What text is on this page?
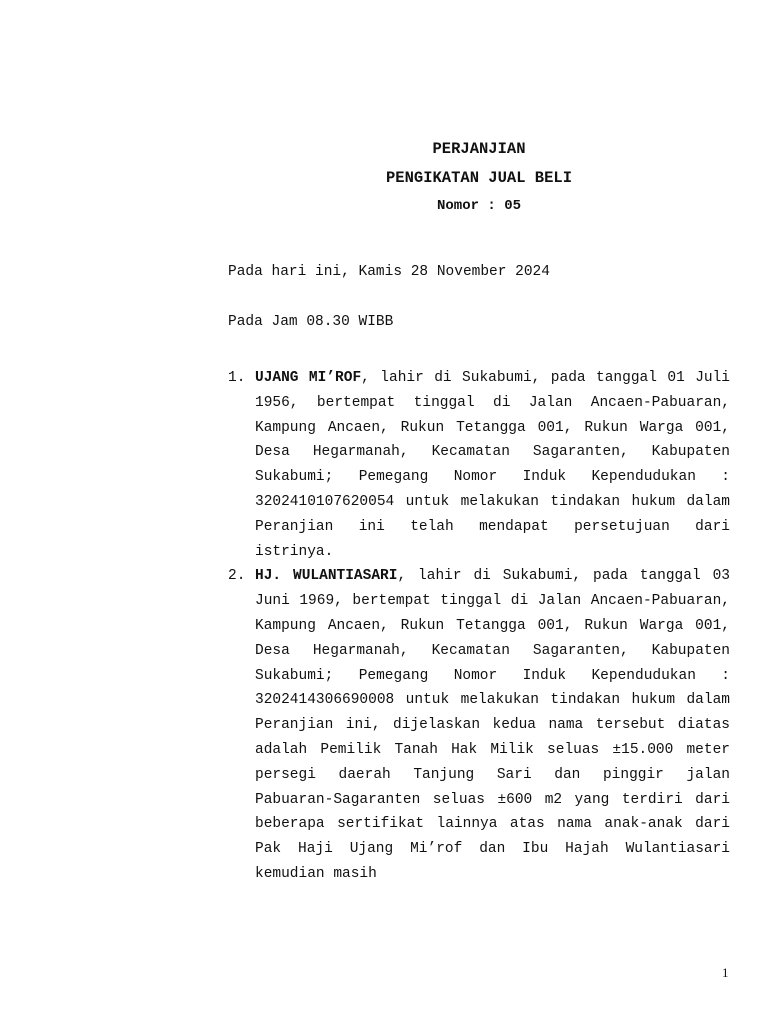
PERJANJIAN
PENGIKATAN JUAL BELI
Nomor : 05
Pada hari ini, Kamis 28 November 2024
Pada Jam 08.30 WIBB
1. UJANG MI’ROF, lahir di Sukabumi, pada tanggal 01 Juli 1956, bertempat tinggal di Jalan Ancaen-Pabuaran, Kampung Ancaen, Rukun Tetangga 001, Rukun Warga 001, Desa Hegarmanah, Kecamatan Sagaranten, Kabupaten Sukabumi; Pemegang Nomor Induk Kependudukan : 3202410107620054 untuk melakukan tindakan hukum dalam Peranjian ini telah mendapat persetujuan dari istrinya.
2. HJ. WULANTIASARI, lahir di Sukabumi, pada tanggal 03 Juni 1969, bertempat tinggal di Jalan Ancaen-Pabuaran, Kampung Ancaen, Rukun Tetangga 001, Rukun Warga 001, Desa Hegarmanah, Kecamatan Sagaranten, Kabupaten Sukabumi; Pemegang Nomor Induk Kependudukan : 3202414306690008 untuk melakukan tindakan hukum dalam Peranjian ini, dijelaskan kedua nama tersebut diatas adalah Pemilik Tanah Hak Milik seluas ±15.000 meter persegi daerah Tanjung Sari dan pinggir jalan Pabuaran-Sagaranten seluas ±600 m2 yang terdiri dari beberapa sertifikat lainnya atas nama anak-anak dari Pak Haji Ujang Mi’rof dan Ibu Hajah Wulantiasari kemudian masih
1
